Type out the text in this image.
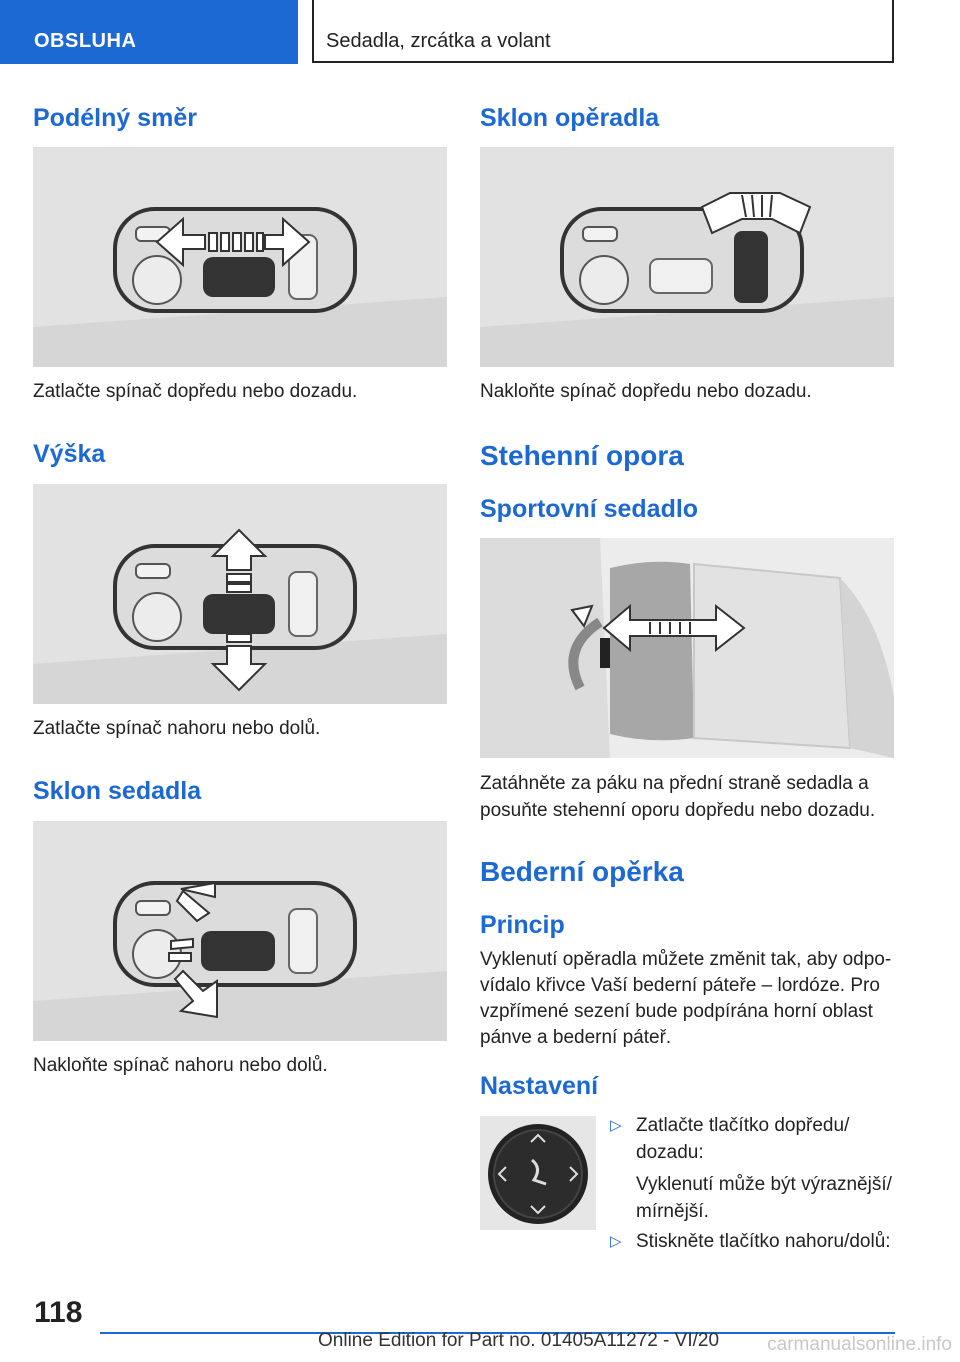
OBSLUHA	Sedadla, zrcátka a volant
Podélný směr

Zatlačte spínač dopředu nebo dozadu.

Výška

Zatlačte spínač nahoru nebo dolů.

Sklon sedadla

Nakloňte spínač nahoru nebo dolů.

Sklon opěradla

Nakloňte spínač dopředu nebo dozadu.

Stehenní opora
Sportovní sedadlo

Zatáhněte za páku na přední straně sedadla a

posuňte stehenní oporu dopředu nebo dozadu.

Bederní opěrka
Princip

Vyklenutí opěradla můžete změnit tak, aby odpo-

vídalo křivce Vaší bederní páteře – lordóze. Pro

vzpřímené sezení bude podpírána horní oblast

pánve a bederní páteř.

Nastavení
▷ Zatlačte tlačítko dopředu/

dozadu:

Vyklenutí může být výraznější/

mírnější.

▷ Stiskněte tlačítko nahoru/dolů:

118
Online Edition for Part no. 01405A11272 - VI/20	carmanualsonline.info
